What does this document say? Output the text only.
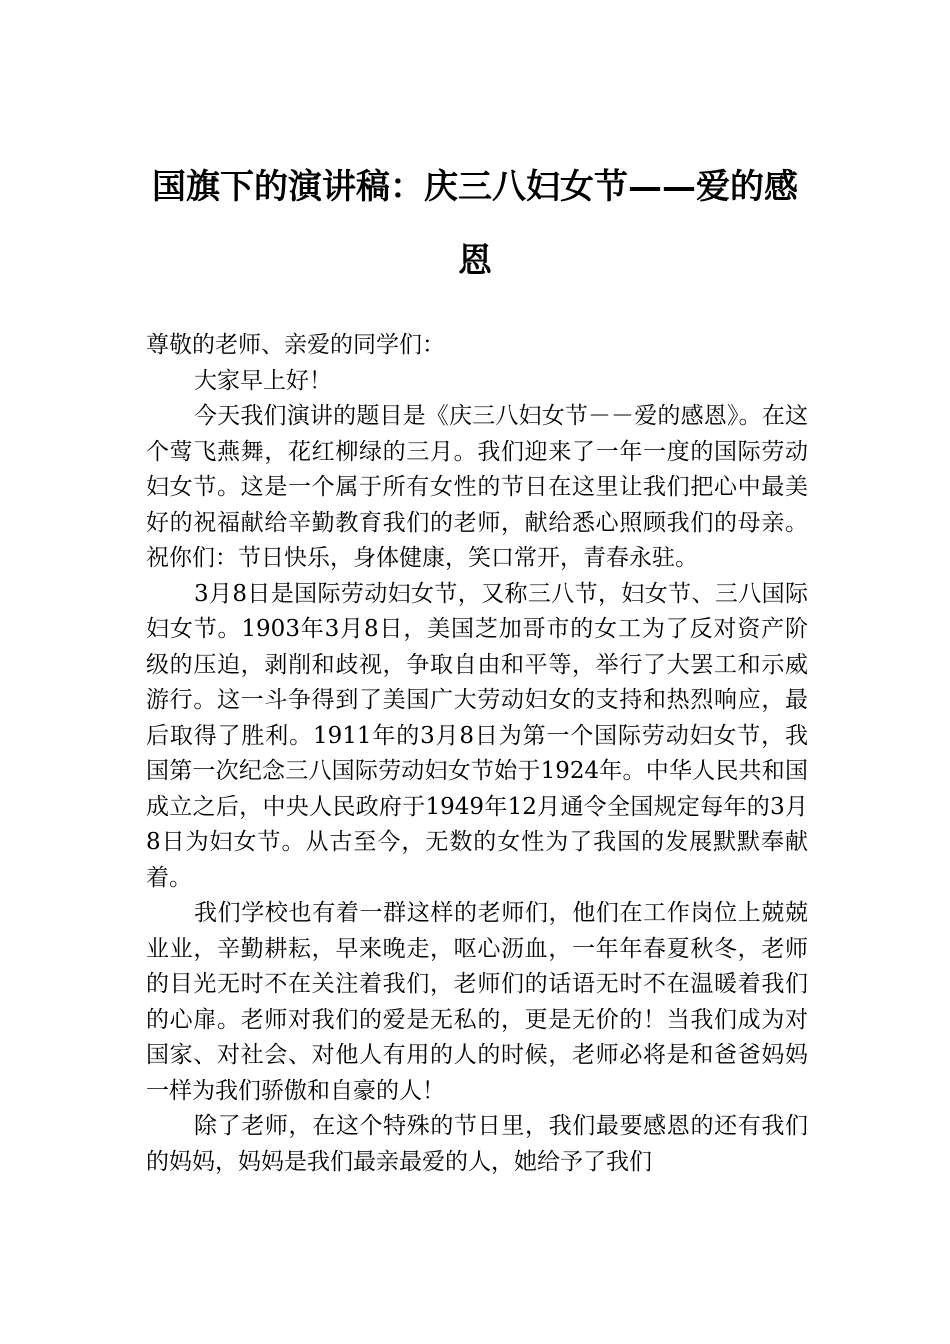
国旗下的演讲稿：庆三八妇女节——爱的感恩

尊敬的老师、亲爱的同学们：

大家早上好！

今天我们演讲的题目是《庆三八妇女节－－爱的感恩》。在这个莺飞燕舞，花红柳绿的三月。我们迎来了一年一度的国际劳动妇女节。这是一个属于所有女性的节日在这里让我们把心中最美好的祝福献给辛勤教育我们的老师，献给悉心照顾我们的母亲。祝你们：节日快乐，身体健康，笑口常开，青春永驻。

3月8日是国际劳动妇女节，又称三八节，妇女节、三八国际妇女节。1903年3月8日，美国芝加哥市的女工为了反对资产阶级的压迫，剥削和歧视，争取自由和平等，举行了大罢工和示威游行。这一斗争得到了美国广大劳动妇女的支持和热烈响应，最后取得了胜利。1911年的3月8日为第一个国际劳动妇女节，我国第一次纪念三八国际劳动妇女节始于1924年。中华人民共和国成立之后，中央人民政府于1949年12月通令全国规定每年的3月8日为妇女节。从古至今，无数的女性为了我国的发展默默奉献着。

我们学校也有着一群这样的老师们，他们在工作岗位上兢兢业业，辛勤耕耘，早来晚走，呕心沥血，一年年春夏秋冬，老师的目光无时不在关注着我们，老师们的话语无时不在温暖着我们的心扉。老师对我们的爱是无私的，更是无价的！当我们成为对国家、对社会、对他人有用的人的时候，老师必将是和爸爸妈妈一样为我们骄傲和自豪的人！

除了老师，在这个特殊的节日里，我们最要感恩的还有我们的妈妈，妈妈是我们最亲最爱的人，她给予了我们
